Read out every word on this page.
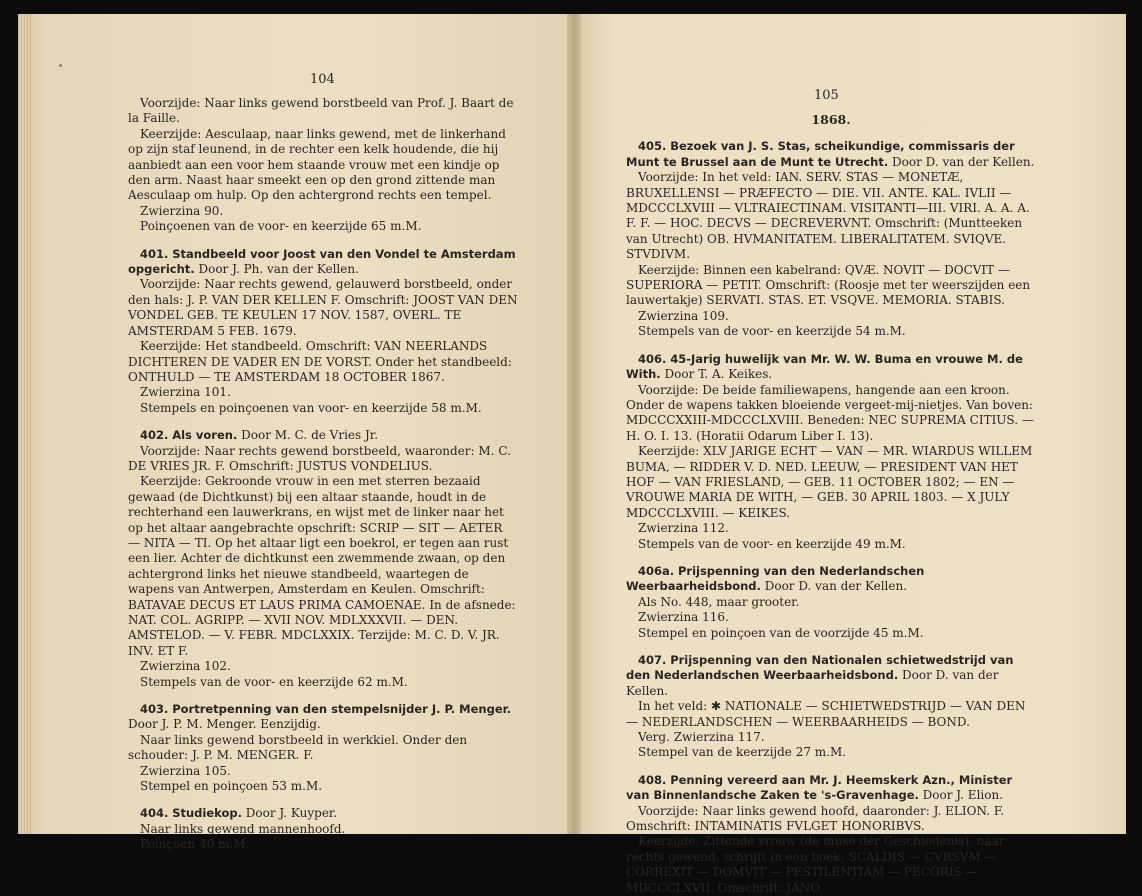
104

Voorzijde: Naar links gewend borstbeeld van Prof. J. Baart de la Faille.

Keerzijde: Aesculaap, naar links gewend, met de linkerhand op zijn staf leunend, in de rechter een kelk houdende, die hij aanbiedt aan een voor hem staande vrouw met een kindje op den arm. Naast haar smeekt een op den grond zittende man Aesculaap om hulp. Op den achtergrond rechts een tempel.

Zwierzina 90.

Poinçoenen van de voor- en keerzijde 65 m.M.

401. Standbeeld voor Joost van den Vondel te Amsterdam opgericht. Door J. Ph. van der Kellen.

Voorzijde: Naar rechts gewend, gelauwerd borstbeeld, onder den hals: J. P. VAN DER KELLEN F. Omschrift: JOOST VAN DEN VONDEL GEB. TE KEULEN 17 NOV. 1587, OVERL. TE AMSTERDAM 5 FEB. 1679.

Keerzijde: Het standbeeld. Omschrift: VAN NEERLANDS DICHTEREN DE VADER EN DE VORST. Onder het standbeeld: ONTHULD — TE AMSTERDAM 18 OCTOBER 1867.

Zwierzina 101.

Stempels en poinçoenen van voor- en keerzijde 58 m.M.

402. Als voren. Door M. C. de Vries Jr.

Voorzijde: Naar rechts gewend borstbeeld, waaronder: M. C. DE VRIES JR. F. Omschrift: JUSTUS VONDELIUS.

Keerzijde: Gekroonde vrouw in een met sterren bezaaid gewaad (de Dichtkunst) bij een altaar staande, houdt in de rechterhand een lauwerkrans, en wijst met de linker naar het op het altaar aangebrachte opschrift: SCRIP — SIT — AETER — NITA — TI. Op het altaar ligt een boekrol, er tegen aan rust een lier. Achter de dichtkunst een zwemmende zwaan, op den achtergrond links het nieuwe standbeeld, waartegen de wapens van Antwerpen, Amsterdam en Keulen. Omschrift: BATAVAE DECUS ET LAUS PRIMA CAMOENAE. In de afsnede: NAT. COL. AGRIPP. — XVII NOV. MDLXXXVII. — DEN. AMSTELOD. — V. FEBR. MDCLXXIX. Terzijde: M. C. D. V. JR. INV. ET F.

Zwierzina 102.

Stempels van de voor- en keerzijde 62 m.M.

403. Portretpenning van den stempelsnijder J. P. Menger. Door J. P. M. Menger. Eenzijdig.

Naar links gewend borstbeeld in werkkiel. Onder den schouder: J. P. M. MENGER. F.

Zwierzina 105.

Stempel en poinçoen 53 m.M.

404. Studiekop. Door J. Kuyper.

Naar links gewend mannenhoofd.

Poinçoen 40 m.M.

105

1868.

405. Bezoek van J. S. Stas, scheikundige, commissaris der Munt te Brussel aan de Munt te Utrecht. Door D. van der Kellen.

Voorzijde: In het veld: IAN. SERV. STAS — MONETÆ, BRUXELLENSI — PRÆFECTO — DIE. VII. ANTE. KAL. IVLII — MDCCCLXVIII — VLTRAIECTINAM. VISITANTI—III. VIRI. A. A. A. F. F. — HOC. DECVS — DECREVERVNT. Omschrift: (Muntteeken van Utrecht) OB. HVMANITATEM. LIBERALITATEM. SVIQVE. STVDIVM.

Keerzijde: Binnen een kabelrand: QVÆ. NOVIT — DOCVIT — SUPERIORA — PETIT. Omschrift: (Roosje met ter weerszijden een lauwertakje) SERVATI. STAS. ET. VSQVE. MEMORIA. STABIS.

Zwierzina 109.

Stempels van de voor- en keerzijde 54 m.M.

406. 45-Jarig huwelijk van Mr. W. W. Buma en vrouwe M. de With. Door T. A. Keikes.

Voorzijde: De beide familiewapens, hangende aan een kroon. Onder de wapens takken bloeiende vergeet-mij-nietjes. Van boven: MDCCCXXIII-MDCCCLXVIII. Beneden: NEC SUPREMA CITIUS. — H. O. I. 13. (Horatii Odarum Liber I. 13).

Keerzijde: XLV JARIGE ECHT — VAN — MR. WIARDUS WILLEM BUMA, — RIDDER V. D. NED. LEEUW, — PRESIDENT VAN HET HOF — VAN FRIESLAND, — GEB. 11 OCTOBER 1802; — EN — VROUWE MARIA DE WITH, — GEB. 30 APRIL 1803. — X JULY MDCCCLXVIII. — KEIKES.

Zwierzina 112.

Stempels van de voor- en keerzijde 49 m.M.

406a. Prijspenning van den Nederlandschen Weerbaarheidsbond. Door D. van der Kellen.

Als No. 448, maar grooter.

Zwierzina 116.

Stempel en poinçoen van de voorzijde 45 m.M.

407. Prijspenning van den Nationalen schietwedstrijd van den Nederlandschen Weerbaarheidsbond. Door D. van der Kellen.

In het veld: ✱ NATIONALE — SCHIETWEDSTRIJD — VAN DEN — NEDERLANDSCHEN — WEERBAARHEIDS — BOND.

Verg. Zwierzina 117.

Stempel van de keerzijde 27 m.M.

408. Penning vereerd aan Mr. J. Heemskerk Azn., Minister van Binnenlandsche Zaken te 's-Gravenhage. Door J. Elion.

Voorzijde: Naar links gewend hoofd, daaronder: J. ELION. F. Omschrift: INTAMINATIS FVLGET HONORIBVS.

Keerzijde: Zittende vrouw (de muse der Geschiedenis), naar rechts gewend, schrijft in een boek: SCALDIS — CVRSVM — CORREXIT — DOMVIT — PESTILENTIAM — PECORIS — MDCCCLXVII. Omschrift: JANO
